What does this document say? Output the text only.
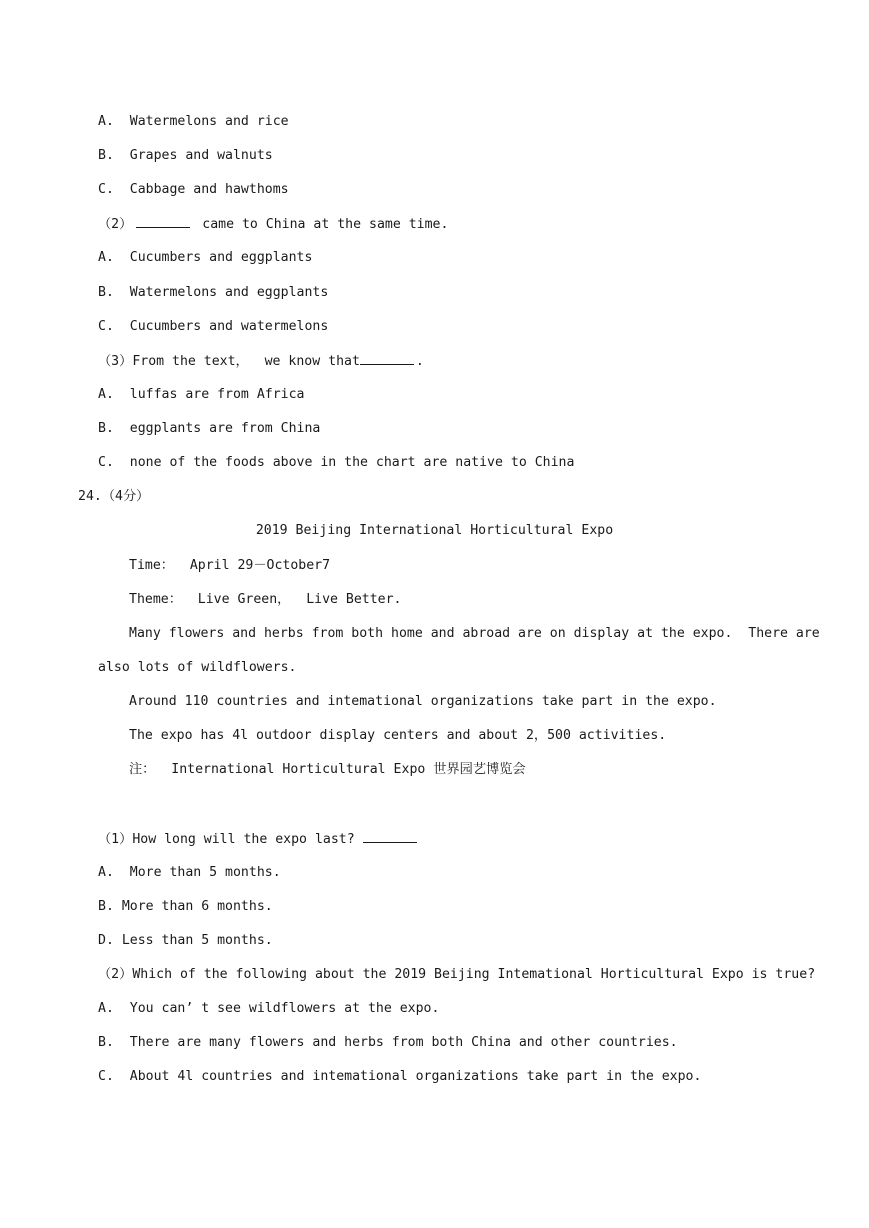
A. Watermelons and rice
B. Grapes and walnuts
C. Cabbage and hawthoms
（2）	came to China at the same time.
A. Cucumbers and eggplants
B. Watermelons and eggplants
C. Cucumbers and watermelons
（3）From the text，  we know that	.
A. luffas are from Africa
B. eggplants are from China
C. none of the foods above in the chart are native to China
24.（4分）
2019 Beijing International Horticultural Expo
Time：  April 29－October7
Theme：  Live Green，  Live Better.
Many flowers and herbs from both home and abroad are on display at the expo.  There are
also lots of wildflowers.
Around 110 countries and intemational organizations take part in the expo.
The expo has 4l outdoor display centers and about 2，500 activities.
注：  International Horticultural Expo 世界园艺博览会
（1）How long will the expo last?
A. More than 5 months.
B. More than 6 months.
D. Less than 5 months.
（2）Which of the following about the 2019 Beijing Intemational Horticultural Expo is true?
A. You can’ t see wildflowers at the expo.
B. There are many flowers and herbs from both China and other countries.
C. About 4l countries and intemational organizations take part in the expo.
